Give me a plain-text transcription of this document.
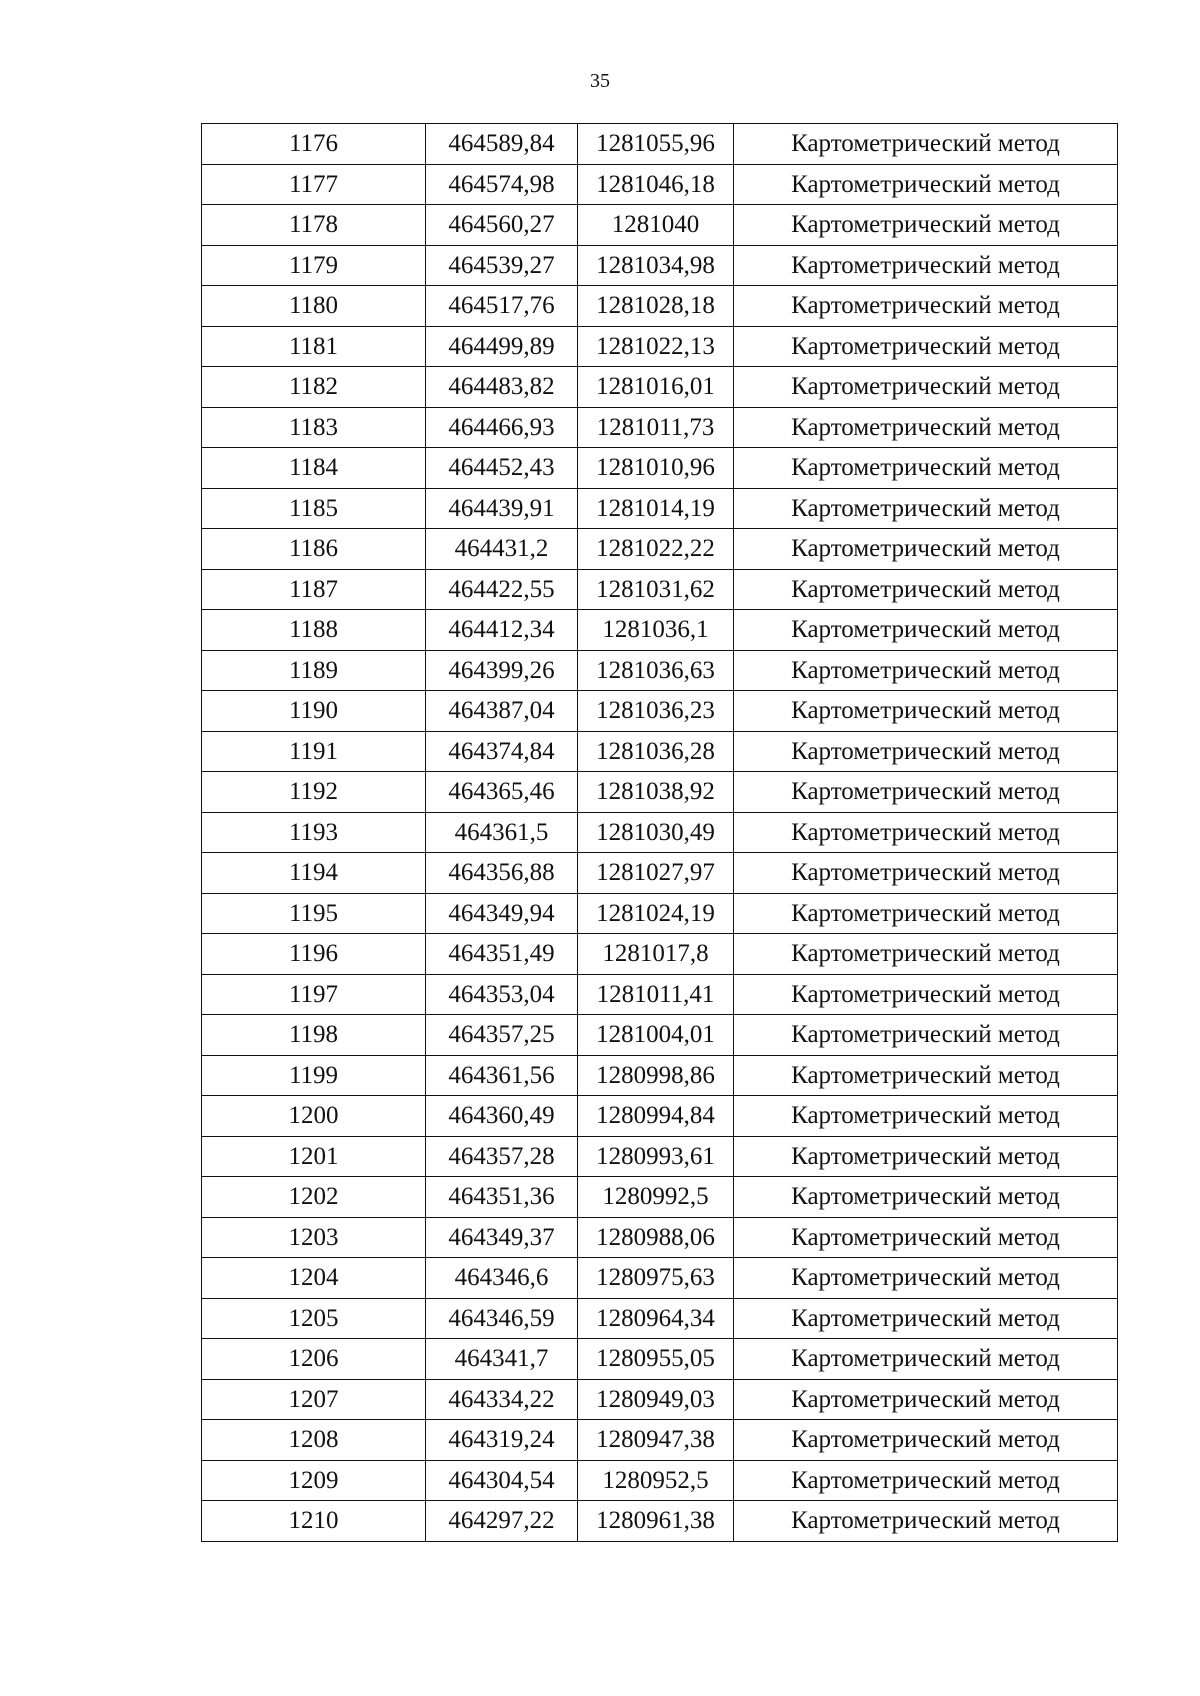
35
1176	464589,84	1281055,96	Картометрический метод
1177	464574,98	1281046,18	Картометрический метод
1178	464560,27	1281040	Картометрический метод
1179	464539,27	1281034,98	Картометрический метод
1180	464517,76	1281028,18	Картометрический метод
1181	464499,89	1281022,13	Картометрический метод
1182	464483,82	1281016,01	Картометрический метод
1183	464466,93	1281011,73	Картометрический метод
1184	464452,43	1281010,96	Картометрический метод
1185	464439,91	1281014,19	Картометрический метод
1186	464431,2	1281022,22	Картометрический метод
1187	464422,55	1281031,62	Картометрический метод
1188	464412,34	1281036,1	Картометрический метод
1189	464399,26	1281036,63	Картометрический метод
1190	464387,04	1281036,23	Картометрический метод
1191	464374,84	1281036,28	Картометрический метод
1192	464365,46	1281038,92	Картометрический метод
1193	464361,5	1281030,49	Картометрический метод
1194	464356,88	1281027,97	Картометрический метод
1195	464349,94	1281024,19	Картометрический метод
1196	464351,49	1281017,8	Картометрический метод
1197	464353,04	1281011,41	Картометрический метод
1198	464357,25	1281004,01	Картометрический метод
1199	464361,56	1280998,86	Картометрический метод
1200	464360,49	1280994,84	Картометрический метод
1201	464357,28	1280993,61	Картометрический метод
1202	464351,36	1280992,5	Картометрический метод
1203	464349,37	1280988,06	Картометрический метод
1204	464346,6	1280975,63	Картометрический метод
1205	464346,59	1280964,34	Картометрический метод
1206	464341,7	1280955,05	Картометрический метод
1207	464334,22	1280949,03	Картометрический метод
1208	464319,24	1280947,38	Картометрический метод
1209	464304,54	1280952,5	Картометрический метод
1210	464297,22	1280961,38	Картометрический метод
